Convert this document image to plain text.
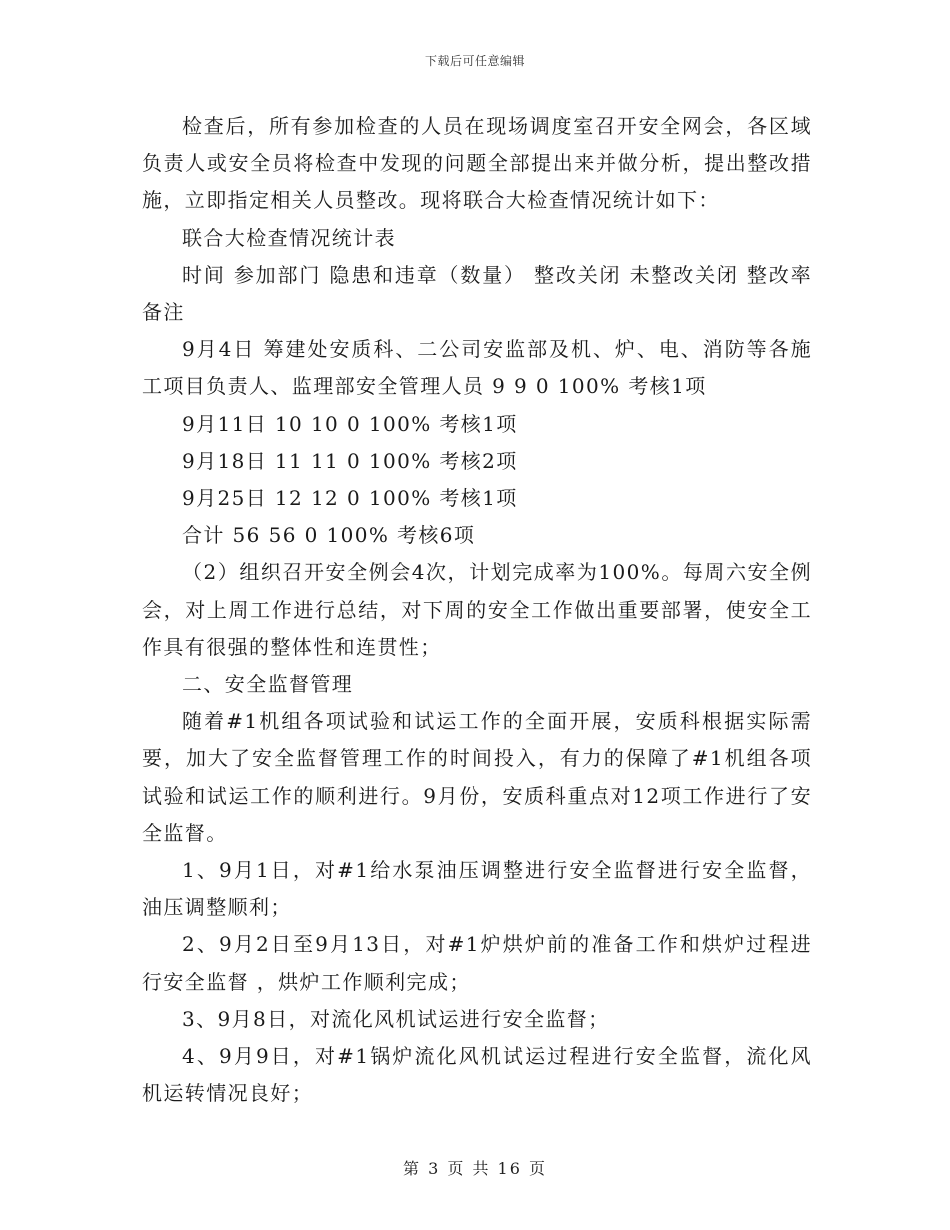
下载后可任意编辑

检查后，所有参加检查的人员在现场调度室召开安全网会，各区域负责人或安全员将检查中发现的问题全部提出来并做分析，提出整改措施，立即指定相关人员整改。现将联合大检查情况统计如下：

联合大检查情况统计表

时间 参加部门 隐患和违章（数量） 整改关闭 未整改关闭 整改率 备注

9月4日 筹建处安质科、二公司安监部及机、炉、电、消防等各施工项目负责人、监理部安全管理人员 9 9 0 100% 考核1项

9月11日 10 10 0 100% 考核1项

9月18日 11 11 0 100% 考核2项

9月25日 12 12 0 100% 考核1项

合计 56 56 0 100% 考核6项

（2）组织召开安全例会4次，计划完成率为100%。每周六安全例会，对上周工作进行总结，对下周的安全工作做出重要部署，使安全工作具有很强的整体性和连贯性；

二、安全监督管理

随着#1机组各项试验和试运工作的全面开展，安质科根据实际需要，加大了安全监督管理工作的时间投入，有力的保障了#1机组各项试验和试运工作的顺利进行。9月份，安质科重点对12项工作进行了安全监督。

1、9月1日，对#1给水泵油压调整进行安全监督进行安全监督，油压调整顺利；

2、9月2日至9月13日，对#1炉烘炉前的准备工作和烘炉过程进行安全监督 ，烘炉工作顺利完成；

3、9月8日，对流化风机试运进行安全监督；

4、9月9日，对#1锅炉流化风机试运过程进行安全监督，流化风机运转情况良好；

第 3 页 共 16 页
